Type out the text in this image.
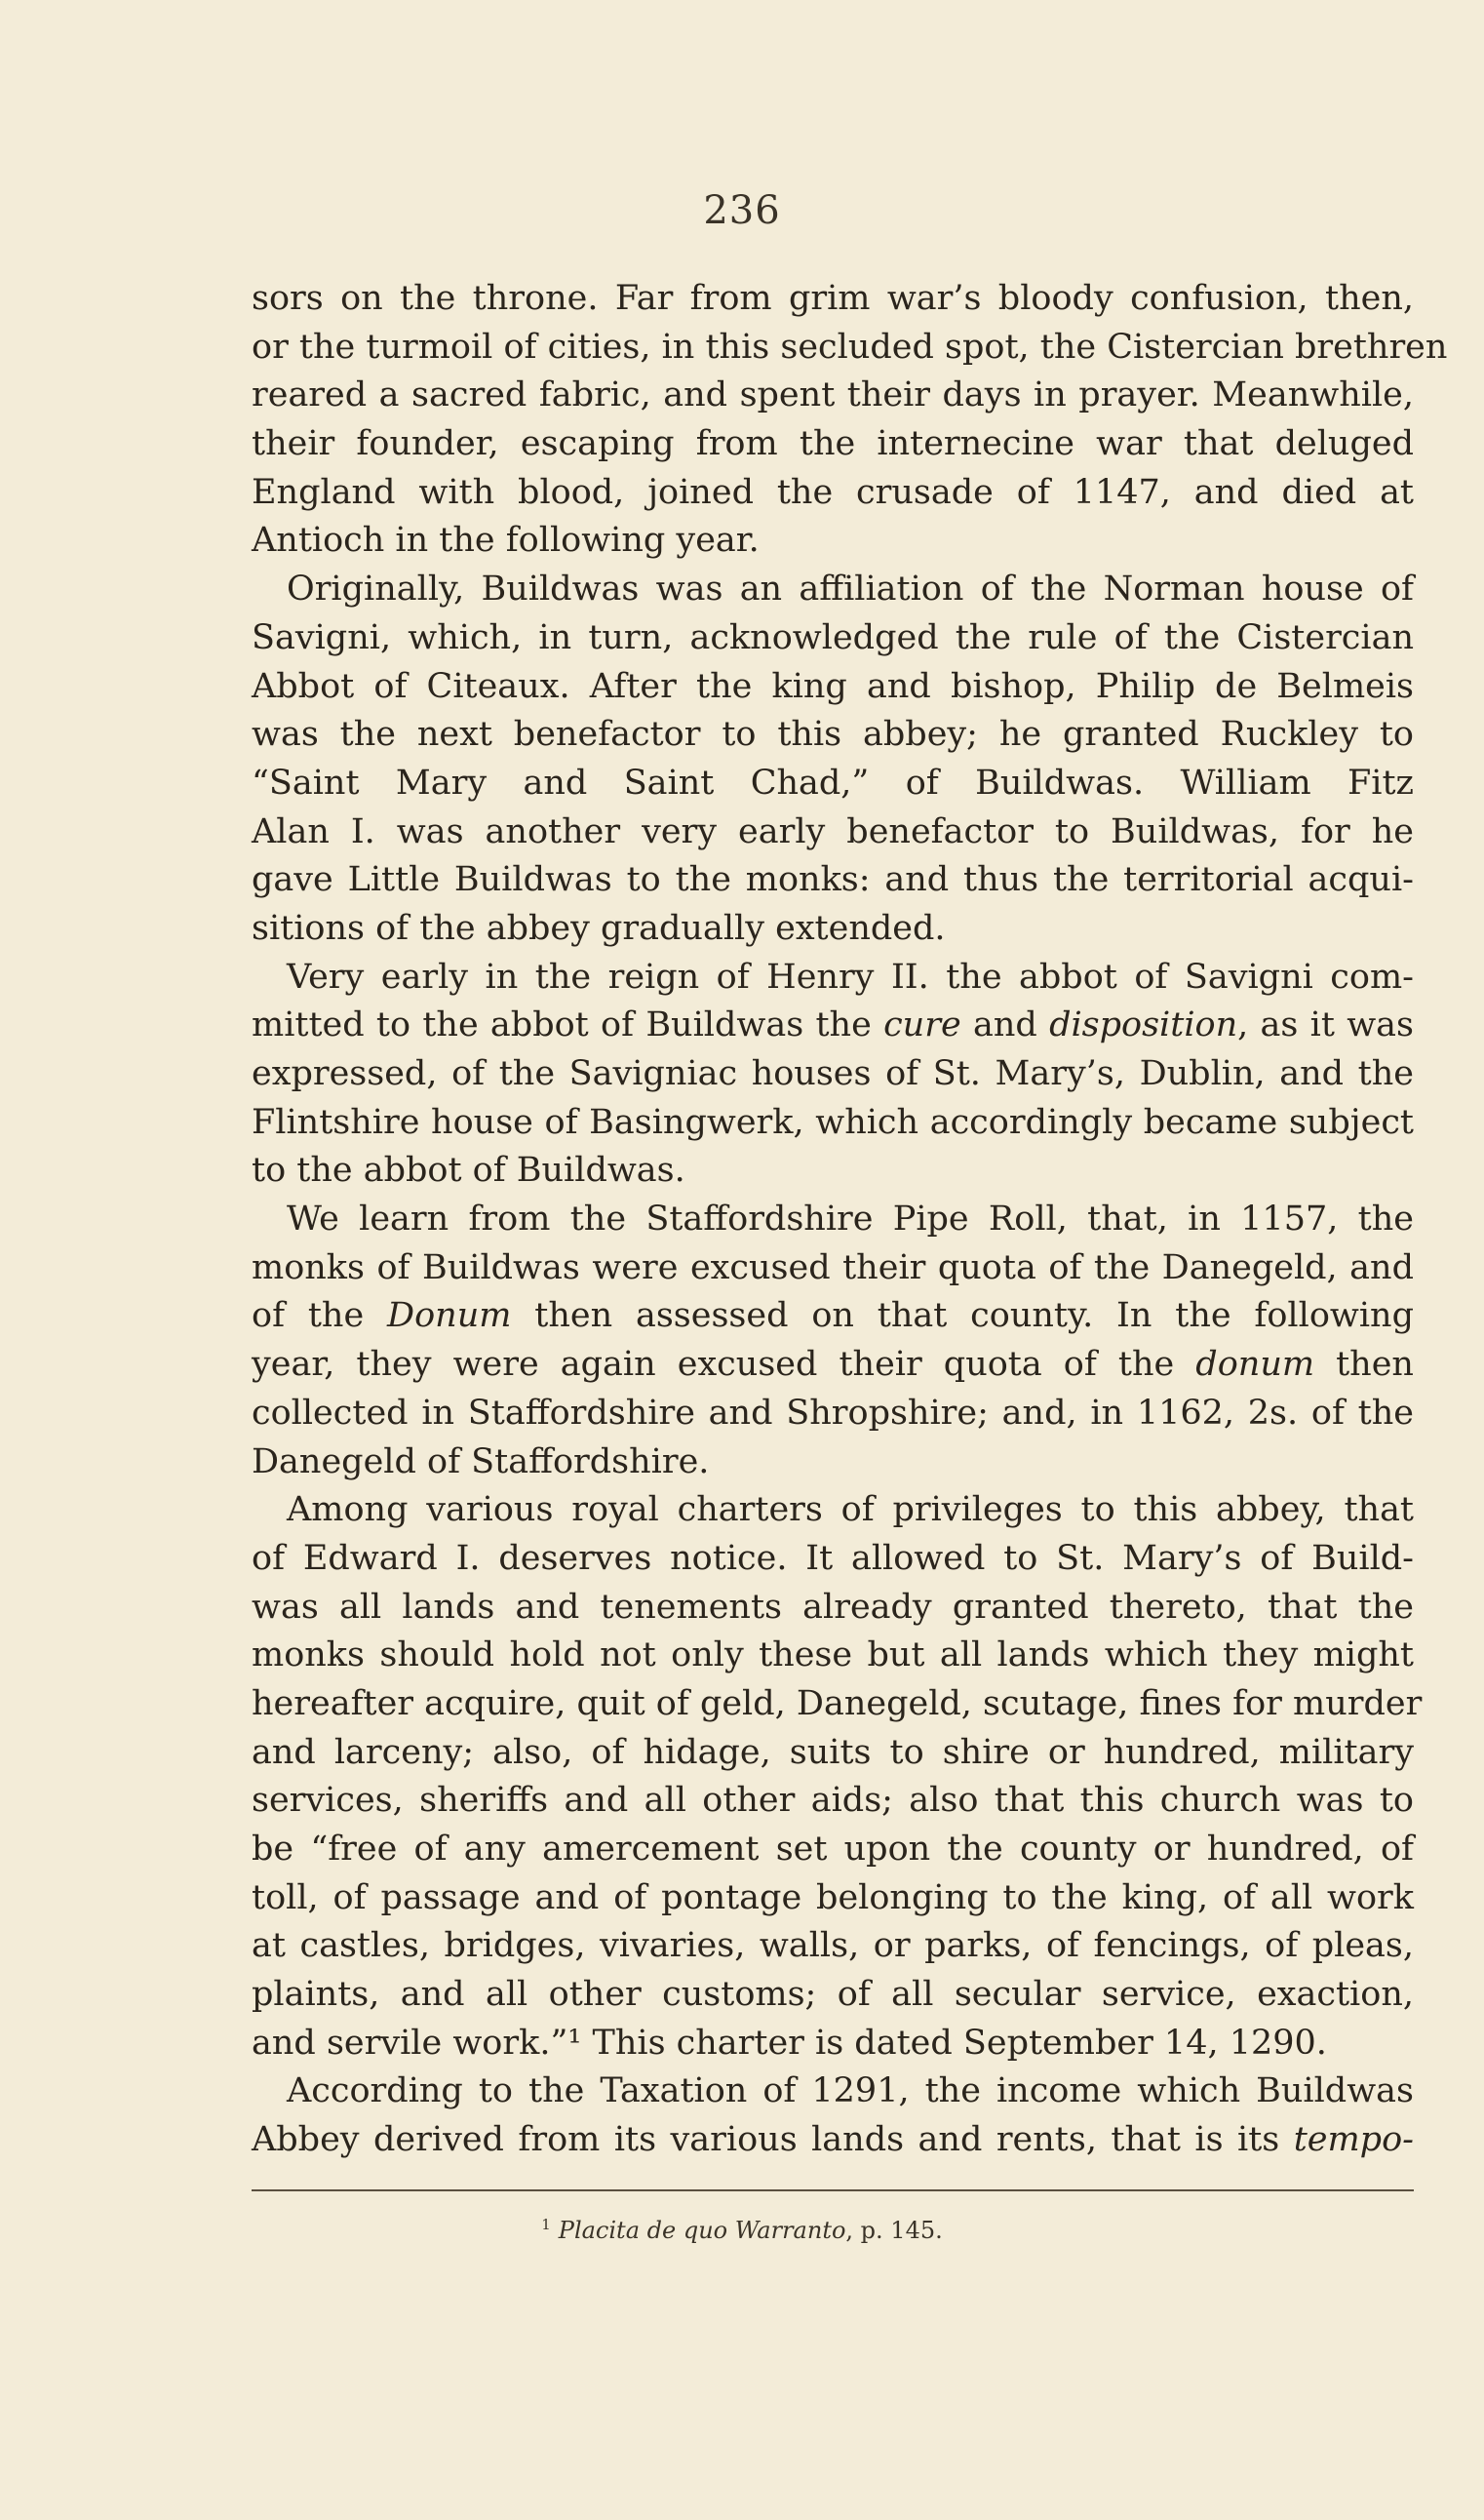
236
sors on the throne. Far from grim war’s bloody confusion, then,
or the turmoil of cities, in this secluded spot, the Cistercian brethren
reared a sacred fabric, and spent their days in prayer. Meanwhile,
their founder, escaping from the internecine war that deluged
England with blood, joined the crusade of 1147, and died at
Antioch in the following year.
Originally, Buildwas was an affiliation of the Norman house of
Savigni, which, in turn, acknowledged the rule of the Cistercian
Abbot of Citeaux. After the king and bishop, Philip de Belmeis
was the next benefactor to this abbey; he granted Ruckley to
“Saint Mary and Saint Chad,” of Buildwas. William Fitz
Alan I. was another very early benefactor to Buildwas, for he
gave Little Buildwas to the monks: and thus the territorial acqui-
sitions of the abbey gradually extended.
Very early in the reign of Henry II. the abbot of Savigni com-
mitted to the abbot of Buildwas the cure and disposition, as it was
expressed, of the Savigniac houses of St. Mary’s, Dublin, and the
Flintshire house of Basingwerk, which accordingly became subject
to the abbot of Buildwas.
We learn from the Staffordshire Pipe Roll, that, in 1157, the
monks of Buildwas were excused their quota of the Danegeld, and
of the Donum then assessed on that county. In the following
year, they were again excused their quota of the donum then
collected in Staffordshire and Shropshire; and, in 1162, 2s. of the
Danegeld of Staffordshire.
Among various royal charters of privileges to this abbey, that
of Edward I. deserves notice. It allowed to St. Mary’s of Build-
was all lands and tenements already granted thereto, that the
monks should hold not only these but all lands which they might
hereafter acquire, quit of geld, Danegeld, scutage, fines for murder
and larceny; also, of hidage, suits to shire or hundred, military
services, sheriffs and all other aids; also that this church was to
be “free of any amercement set upon the county or hundred, of
toll, of passage and of pontage belonging to the king, of all work
at castles, bridges, vivaries, walls, or parks, of fencings, of pleas,
plaints, and all other customs; of all secular service, exaction,
and servile work.”¹ This charter is dated September 14, 1290.
According to the Taxation of 1291, the income which Buildwas
Abbey derived from its various lands and rents, that is its tempo-
$^1$ Placita de quo Warranto, p. 145.
